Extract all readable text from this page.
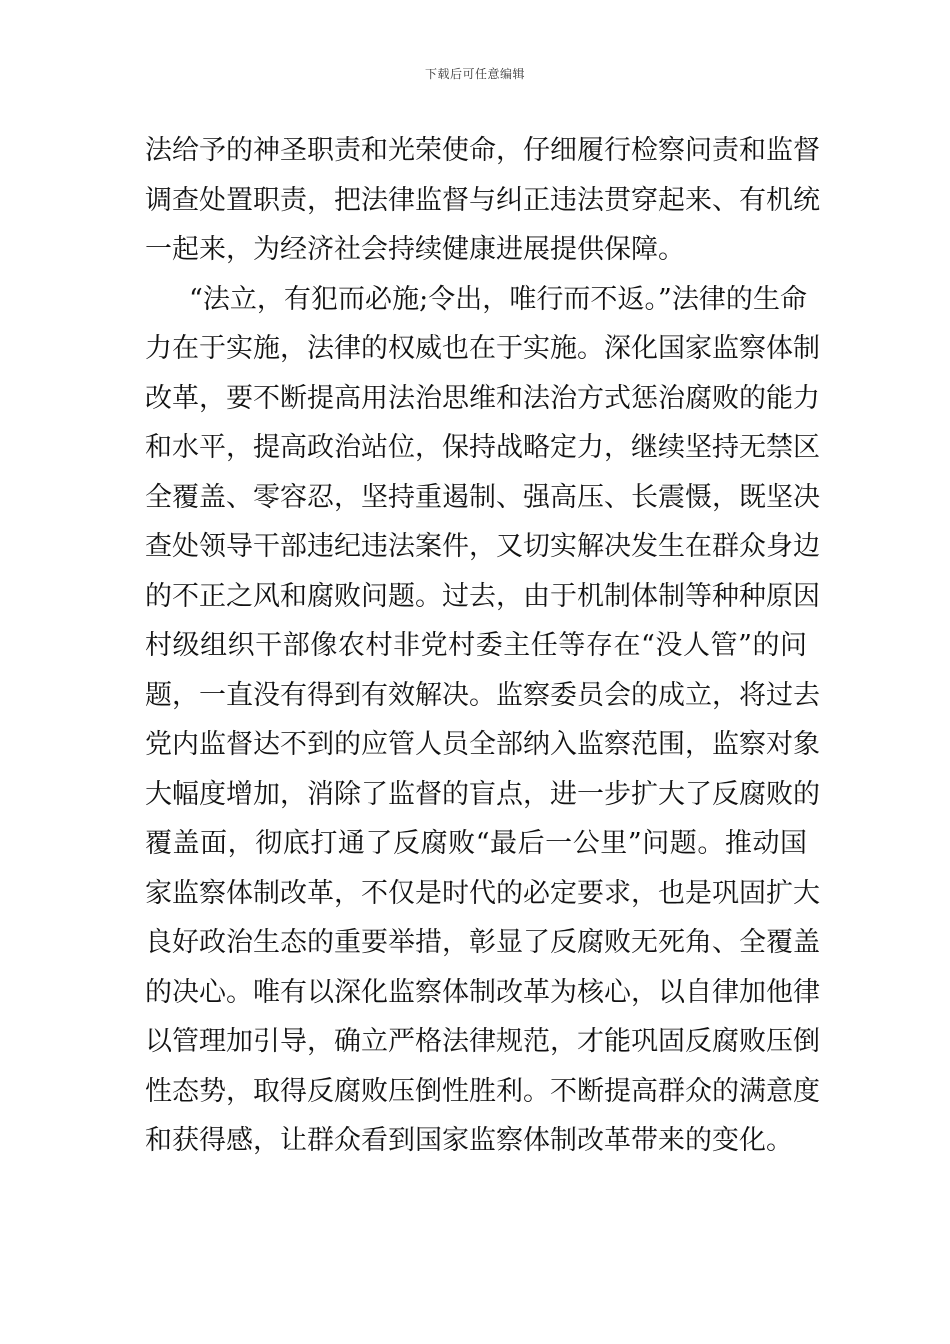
下载后可任意编辑
法给予的神圣职责和光荣使命，仔细履行检察问责和监督
调查处置职责，把法律监督与纠正违法贯穿起来、有机统
一起来，为经济社会持续健康进展提供保障。
“法立，有犯而必施;令出，唯行而不返。”法律的生命
力在于实施，法律的权威也在于实施。深化国家监察体制
改革，要不断提高用法治思维和法治方式惩治腐败的能力
和水平，提高政治站位，保持战略定力，继续坚持无禁区
全覆盖、零容忍，坚持重遏制、强高压、长震慑，既坚决
查处领导干部违纪违法案件，又切实解决发生在群众身边
的不正之风和腐败问题。过去，由于机制体制等种种原因
村级组织干部像农村非党村委主任等存在“没人管”的问
题，一直没有得到有效解决。监察委员会的成立，将过去
党内监督达不到的应管人员全部纳入监察范围，监察对象
大幅度增加，消除了监督的盲点，进一步扩大了反腐败的
覆盖面，彻底打通了反腐败“最后一公里”问题。推动国
家监察体制改革，不仅是时代的必定要求，也是巩固扩大
良好政治生态的重要举措，彰显了反腐败无死角、全覆盖
的决心。唯有以深化监察体制改革为核心，以自律加他律
以管理加引导，确立严格法律规范，才能巩固反腐败压倒
性态势，取得反腐败压倒性胜利。不断提高群众的满意度
和获得感，让群众看到国家监察体制改革带来的变化。
